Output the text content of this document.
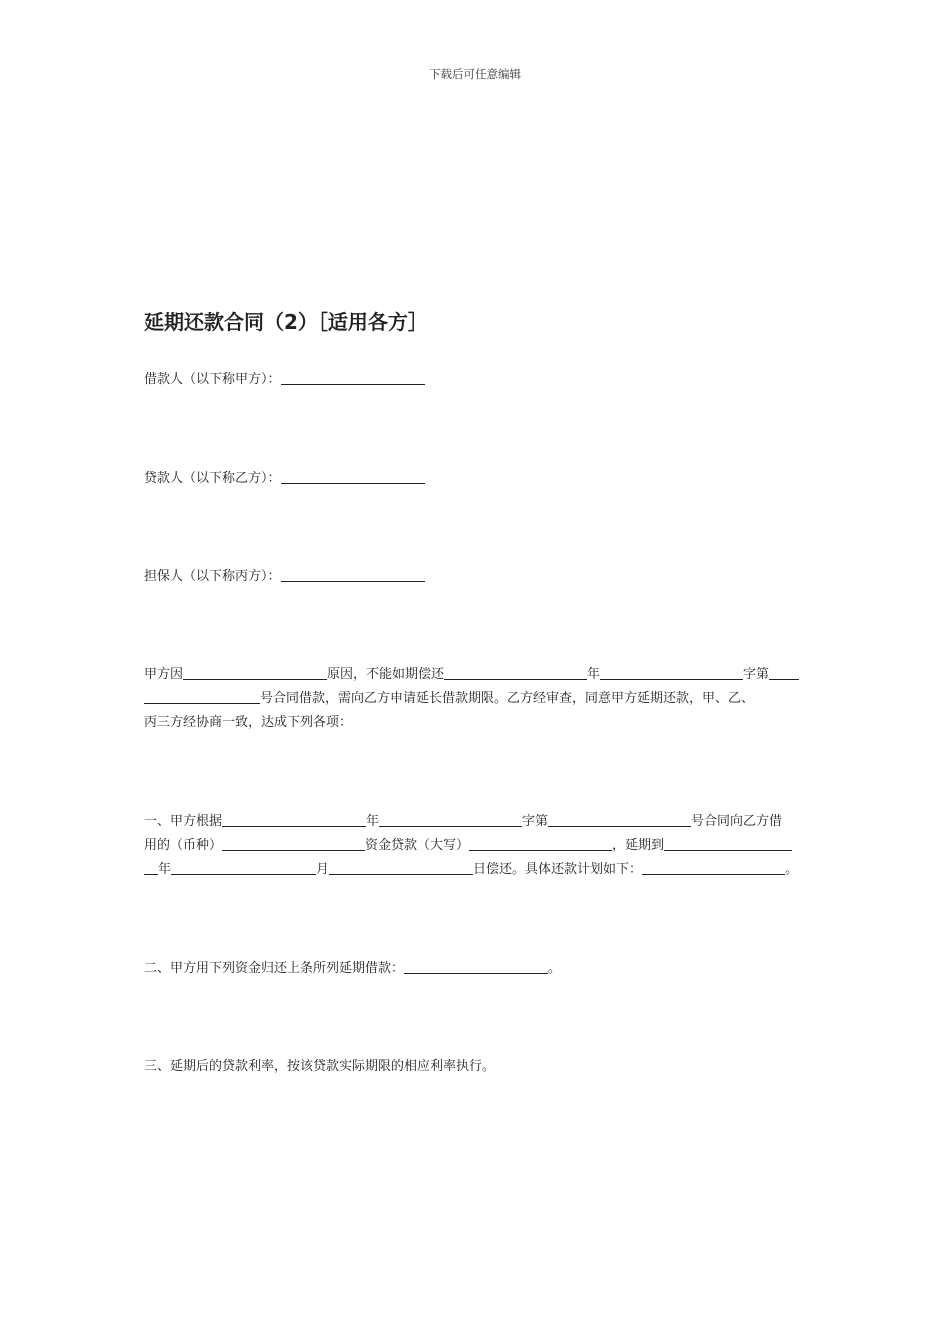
下载后可任意编辑
延期还款合同（2）［适用各方］

借款人（以下称甲方）：

贷款人（以下称乙方）：

担保人（以下称丙方）：

甲方因	原因，不能如期偿还	年	字第
号合同借款，需向乙方申请延长借款期限。乙方经审查，同意甲方延期还款，甲、乙、
丙三方经协商一致，达成下列各项：
一、甲方根据	年	字第	号合同向乙方借
用的（币种）	资金贷款（大写）	，延期到
年	月	日偿还。具体还款计划如下：	。

二、甲方用下列资金归还上条所列延期借款：	。

三、延期后的贷款利率，按该贷款实际期限的相应利率执行。
